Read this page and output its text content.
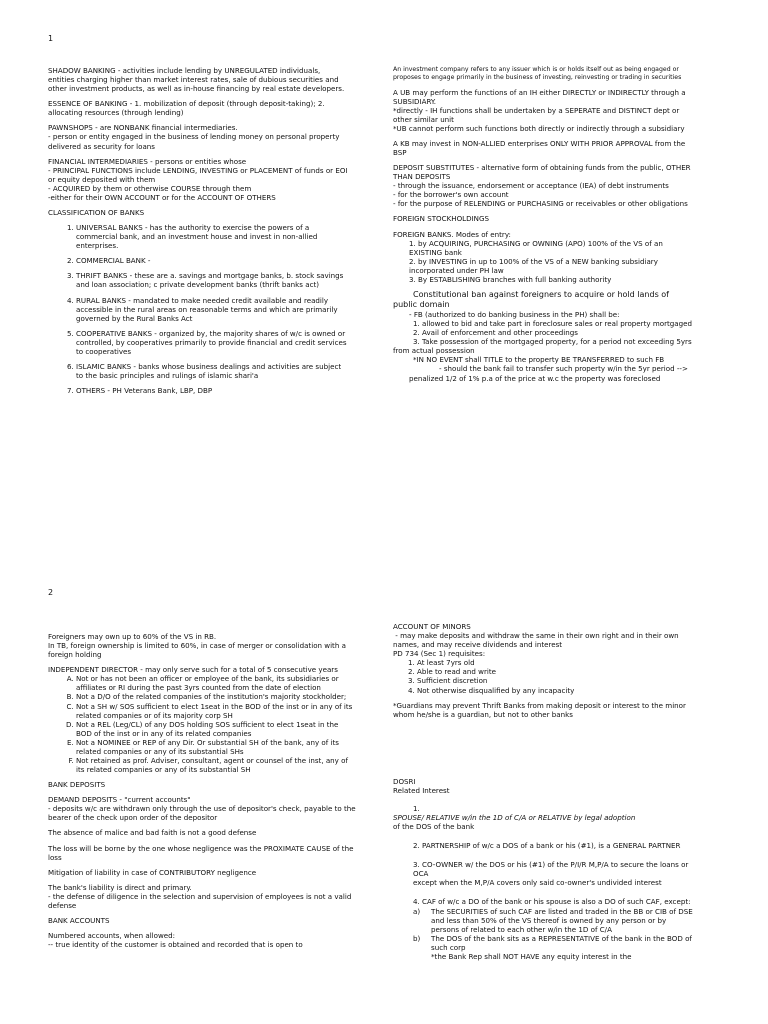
1

SHADOW BANKING - activities include lending by UNREGULATED individuals, entities charging higher than market interest rates, sale of dubious securities and other investment products, as well as in-house financing by real estate developers.

ESSENCE OF BANKING - 1. mobilization of deposit (through deposit-taking); 2. allocating resources (through lending)

PAWNSHOPS - are NONBANK financial intermediaries.
- person or entity engaged in the business of lending money on personal property delivered as security for loans
FINANCIAL INTERMEDIARIES - persons or entities whose
- PRINCIPAL FUNCTIONS include LENDING, INVESTING or PLACEMENT of funds or EOI or equity deposited with them
- ACQUIRED by them or otherwise COURSE through them
-either for their OWN ACCOUNT or for the ACCOUNT OF OTHERS

CLASSIFICATION OF BANKS

1. UNIVERSAL BANKS - has the authority to exercise the powers of a commercial bank, and an investment house and invest in non-allied enterprises.
2. COMMERCIAL BANK -
3. THRIFT BANKS - these are a. savings and mortgage banks, b. stock savings and loan association; c private development banks (thrift banks act)
4. RURAL BANKS - mandated to make needed credit available and readily accessible in the rural areas on reasonable terms and which are primarily governed by the Rural Banks Act
5. COOPERATIVE BANKS - organized by, the majority shares of w/c is owned or controlled, by cooperatives primarily to provide financial and credit services to cooperatives
6. ISLAMIC BANKS - banks whose business dealings and activities are subject to the basic principles and rulings of islamic shari'a
7. OTHERS - PH Veterans Bank, LBP, DBP

An investment company refers to any issuer which is or holds itself out as being engaged or proposes to engage primarily in the business of investing, reinvesting or trading in securities

A UB may perform the functions of an IH either DIRECTLY or INDIRECTLY through a SUBSIDIARY.
*directly - IH functions shall be undertaken by a SEPERATE and DISTINCT dept or other similar unit
*UB cannot perform such functions both directly or indirectly through a subsidiary

A KB may invest in NON-ALLIED enterprises ONLY WITH PRIOR APPROVAL from the BSP

DEPOSIT SUBSTITUTES - alternative form of obtaining funds from the public, OTHER THAN DEPOSITS
- through the issuance, endorsement or acceptance (IEA) of debt instruments
- for the borrower's own account
- for the purpose of RELENDING or PURCHASING or receivables or other obligations

FOREIGN STOCKHOLDINGS

FOREIGN BANKS. Modes of entry:
1. by ACQUIRING, PURCHASING or OWNING (APO) 100% of the VS of an EXISTING bank
2. by INVESTING in up to 100% of the VS of a NEW banking subsidiary incorporated under PH law
3. By ESTABLISHING branches with full banking authority
Constitutional ban against foreigners to acquire or hold lands of public domain
- FB (authorized to do banking business in the PH) shall be:
1. allowed to bid and take part in foreclosure sales or real property mortgaged
2. Avail of enforcement and other proceedings
3. Take possession of the mortgaged property, for a period not exceeding 5yrs            from actual possession
*IN NO EVENT shall TITLE to the property BE TRANSFERRED to such FB
- should the bank fail to transfer such property w/in the 5yr period -->        penalized 1/2 of 1% p.a of the price at w.c the property was foreclosed
2
Foreigners may own up to 60% of the VS in RB.
In TB, foreign ownership is limited to 60%, in case of merger or consolidation with a foreign holding
INDEPENDENT DIRECTOR - may only serve such for a total of 5 consecutive years
A. Not or has not been an officer or employee of the bank, its subsidiaries or affiliates or RI during the past 3yrs counted from the date of election
B. Not a D/O of the related companies of the institution's majority stockholder;
C. Not a SH w/ SOS sufficient to elect 1seat in the BOD of the inst or in any of its related companies or of its majority corp SH
D. Not a REL (Leg/CL) of any DOS holding SOS sufficient to elect 1seat in the BOD of the inst or in any of its related companies
E. Not a NOMINEE or REP of any Dir. Or substantial SH of the bank, any of its related companies or any of its substantial SHs
F. Not retained as prof. Adviser, consultant, agent or counsel of the inst, any of its related companies or any of its substantial SH

BANK DEPOSITS

DEMAND DEPOSITS - "current accounts"
- deposits w/c are withdrawn only through the use of depositor's check, payable to the bearer of the check upon order of the depositor

The absence of malice and bad faith is not a good defense

The loss will be borne by the one whose negligence was the PROXIMATE CAUSE of the loss

Mitigation of liability in case of CONTRIBUTORY negligence

The bank's liability is direct and primary.
- the defense of diligence in the selection and supervision of employees is not a valid defense

BANK ACCOUNTS

Numbered accounts, when allowed:
-- true identity of the customer is obtained and recorded that is open to
ACCOUNT OF MINORS
- may make deposits and withdraw the same in their own right and in their own names, and may receive dividends and interest
PD 734 (Sec 1) requisites:
1. At least 7yrs old
2. Able to read and write
3. Sufficient discretion
4. Not otherwise disqualified by any incapacity

*Guardians may prevent Thrift Banks from making deposit or interest to the minor whom he/she is a guardian, but not to other banks

DOSRI
Related Interest
1.
SPOUSE/ RELATIVE w/in the 1D of C/A or RELATIVE by legal adoption
of the DOS of the bank
2. PARTNERSHIP of w/c a DOS of a bank or his (#1), is a GENERAL PARTNER
3. CO-OWNER w/ the DOS or his (#1) of the P/I/R M,P/A to secure the loans or OCA
except when the M,P/A covers only said co-owner's undivided interest
4. CAF of w/c a DO of the bank or his spouse is also a DO of such CAF, except:
a)	The SECURITIES of such CAF are listed and traded in the BB or CIB of DSE and less than 50% of the VS thereof is owned by any person or by persons of related to each other w/in the 1D of C/A
b)	The DOS of the bank sits as a REPRESENTATIVE of the bank in the BOD of such corp
*the Bank Rep shall NOT HAVE any equity interest in the
